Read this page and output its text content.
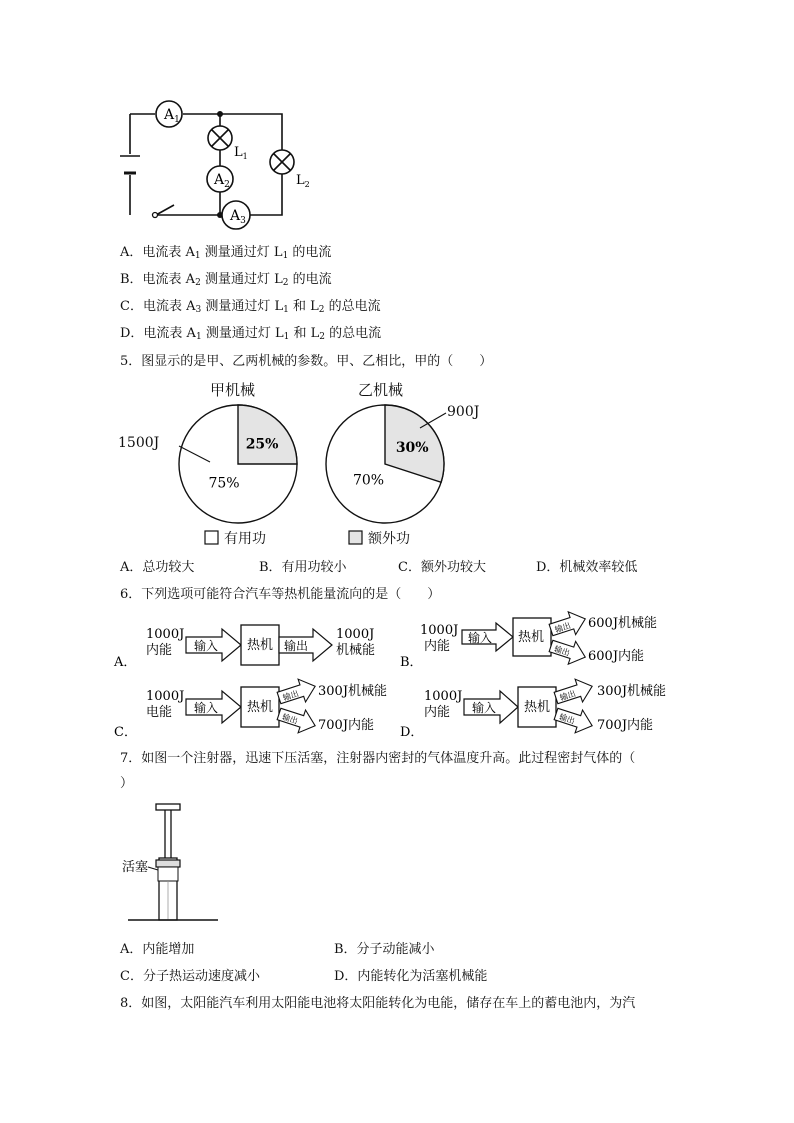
$A_1$
$L_1$
$A_2$	$L_2$
$A_3$
A．电流表 $A_1$ 测量通过灯 $L_1$ 的电流
B．电流表 $A_2$ 测量通过灯 $L_2$ 的电流
C．电流表 $A_3$ 测量通过灯 $L_1$ 和 $L_2$ 的总电流
D．电流表 $A_1$ 测量通过灯 $L_1$ 和 $L_2$ 的总电流
5．图显示的是甲、乙两机械的参数。甲、乙相比，甲的（　　）
甲机械	乙机械
25%
75%
30%
70%
1500J
900J
有用功	额外功
A．总功较大	B．有用功较小	C．额外功较大	D．机械效率较低
6．下列选项可能符合汽车等热机能量流向的是（　　）
A．
1000J
内能 输入 热机 输出
1000J
机械能
B．
1000J
内能
输入 热机
输出
输出
600J机械能
600J内能
C．
1000J
电能 输入 热机
输出
输出
300J机械能
700J内能 D．
1000J
内能 输入 热机
输出
输出
300J机械能
700J内能
7．如图一个注射器，迅速下压活塞，注射器内密封的气体温度升高。此过程密封气体的（
）
活塞
A．内能增加	B．分子动能减小
C．分子热运动速度减小	D．内能转化为活塞机械能
8．如图，太阳能汽车利用太阳能电池将太阳能转化为电能，储存在车上的蓄电池内，为汽
